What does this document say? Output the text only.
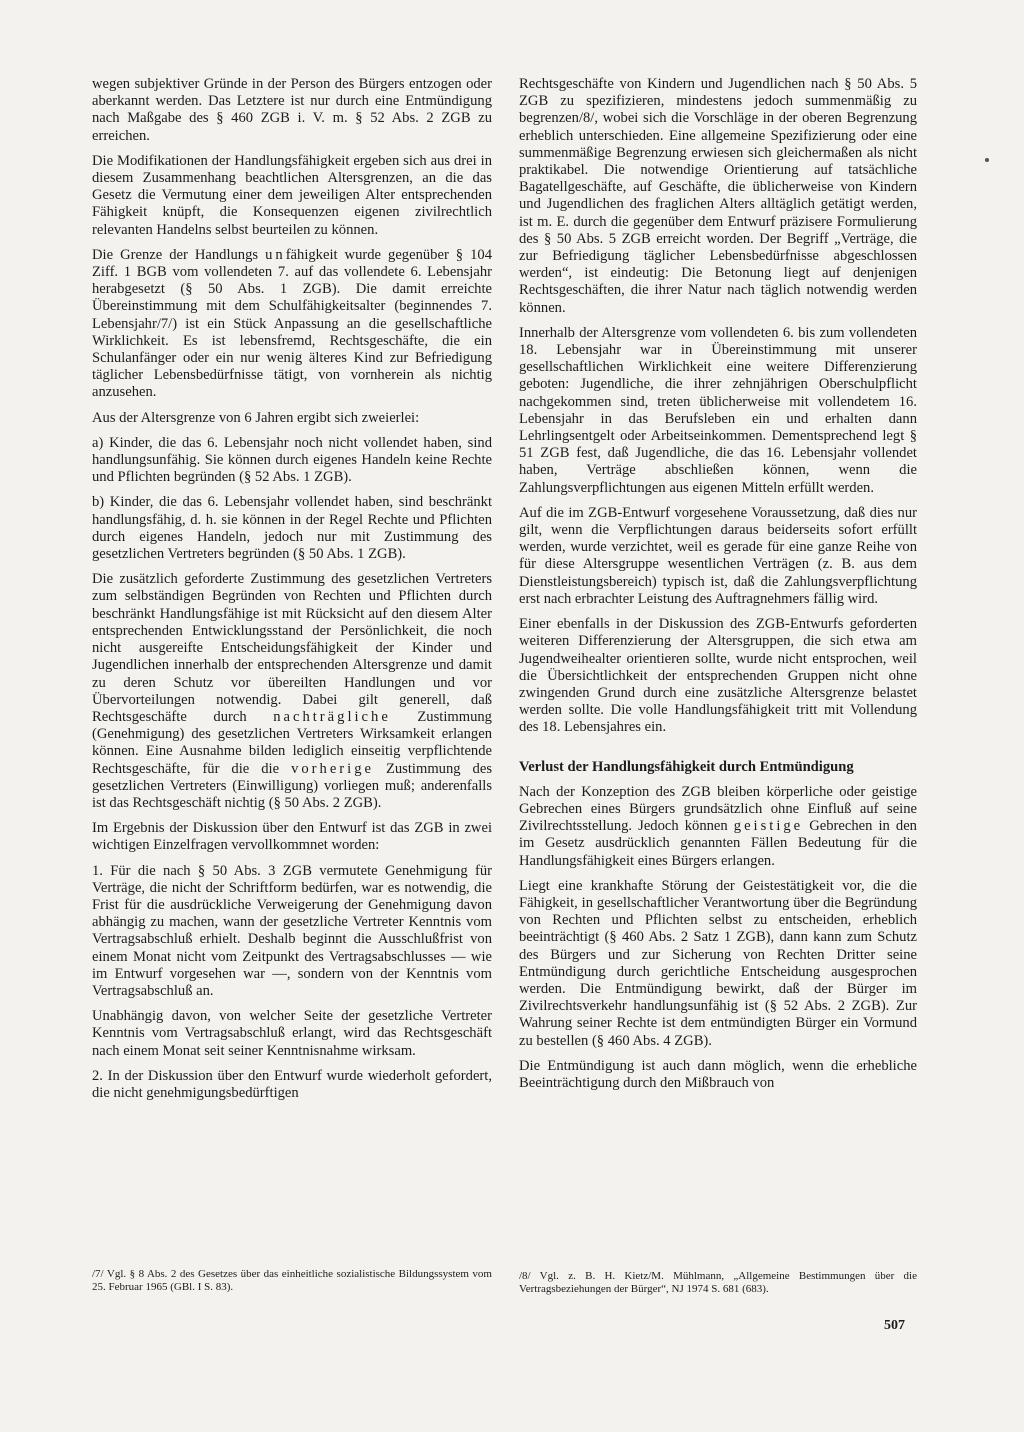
wegen subjektiver Gründe in der Person des Bürgers entzogen oder aberkannt werden. Das Letztere ist nur durch eine Entmündigung nach Maßgabe des § 460 ZGB i. V. m. § 52 Abs. 2 ZGB zu erreichen.

Die Modifikationen der Handlungsfähigkeit ergeben sich aus drei in diesem Zusammenhang beachtlichen Altersgrenzen, an die das Gesetz die Vermutung einer dem jeweiligen Alter entsprechenden Fähigkeit knüpft, die Konsequenzen eigenen zivilrechtlich relevanten Handelns selbst beurteilen zu können.

Die Grenze der Handlungs unfähigkeit wurde gegenüber § 104 Ziff. 1 BGB vom vollendeten 7. auf das vollendete 6. Lebensjahr herabgesetzt (§ 50 Abs. 1 ZGB). Die damit erreichte Übereinstimmung mit dem Schulfähigkeitsalter (beginnendes 7. Lebensjahr/7/) ist ein Stück Anpassung an die gesellschaftliche Wirklichkeit. Es ist lebensfremd, Rechtsgeschäfte, die ein Schulanfänger oder ein nur wenig älteres Kind zur Befriedigung täglicher Lebensbedürfnisse tätigt, von vornherein als nichtig anzusehen.

Aus der Altersgrenze von 6 Jahren ergibt sich zweierlei:

a) Kinder, die das 6. Lebensjahr noch nicht vollendet haben, sind handlungsunfähig. Sie können durch eigenes Handeln keine Rechte und Pflichten begründen (§ 52 Abs. 1 ZGB).

b) Kinder, die das 6. Lebensjahr vollendet haben, sind beschränkt handlungsfähig, d. h. sie können in der Regel Rechte und Pflichten durch eigenes Handeln, jedoch nur mit Zustimmung des gesetzlichen Vertreters begründen (§ 50 Abs. 1 ZGB).

Die zusätzlich geforderte Zustimmung des gesetzlichen Vertreters zum selbständigen Begründen von Rechten und Pflichten durch beschränkt Handlungsfähige ist mit Rücksicht auf den diesem Alter entsprechenden Entwicklungsstand der Persönlichkeit, die noch nicht ausgereifte Entscheidungsfähigkeit der Kinder und Jugendlichen innerhalb der entsprechenden Altersgrenze und damit zu deren Schutz vor übereilten Handlungen und vor Übervorteilungen notwendig. Dabei gilt generell, daß Rechtsgeschäfte durch nachträgliche Zustimmung (Genehmigung) des gesetzlichen Vertreters Wirksamkeit erlangen können. Eine Ausnahme bilden lediglich einseitig verpflichtende Rechtsgeschäfte, für die die vorherige Zustimmung des gesetzlichen Vertreters (Einwilligung) vorliegen muß; anderenfalls ist das Rechtsgeschäft nichtig (§ 50 Abs. 2 ZGB).

Im Ergebnis der Diskussion über den Entwurf ist das ZGB in zwei wichtigen Einzelfragen vervollkommnet worden:

1. Für die nach § 50 Abs. 3 ZGB vermutete Genehmigung für Verträge, die nicht der Schriftform bedürfen, war es notwendig, die Frist für die ausdrückliche Verweigerung der Genehmigung davon abhängig zu machen, wann der gesetzliche Vertreter Kenntnis vom Vertragsabschluß erhielt. Deshalb beginnt die Ausschlußfrist von einem Monat nicht vom Zeitpunkt des Vertragsabschlusses — wie im Entwurf vorgesehen war —, sondern von der Kenntnis vom Vertragsabschluß an.

Unabhängig davon, von welcher Seite der gesetzliche Vertreter Kenntnis vom Vertragsabschluß erlangt, wird das Rechtsgeschäft nach einem Monat seit seiner Kenntnisnahme wirksam.

2. In der Diskussion über den Entwurf wurde wiederholt gefordert, die nicht genehmigungsbedürftigen

Rechtsgeschäfte von Kindern und Jugendlichen nach § 50 Abs. 5 ZGB zu spezifizieren, mindestens jedoch summenmäßig zu begrenzen/8/, wobei sich die Vorschläge in der oberen Begrenzung erheblich unterschieden. Eine allgemeine Spezifizierung oder eine summenmäßige Begrenzung erwiesen sich gleichermaßen als nicht praktikabel. Die notwendige Orientierung auf tatsächliche Bagatellgeschäfte, auf Geschäfte, die üblicherweise von Kindern und Jugendlichen des fraglichen Alters alltäglich getätigt werden, ist m. E. durch die gegenüber dem Entwurf präzisere Formulierung des § 50 Abs. 5 ZGB erreicht worden. Der Begriff „Verträge, die zur Befriedigung täglicher Lebensbedürfnisse abgeschlossen werden“, ist eindeutig: Die Betonung liegt auf denjenigen Rechtsgeschäften, die ihrer Natur nach täglich notwendig werden können.

Innerhalb der Altersgrenze vom vollendeten 6. bis zum vollendeten 18. Lebensjahr war in Übereinstimmung mit unserer gesellschaftlichen Wirklichkeit eine weitere Differenzierung geboten: Jugendliche, die ihrer zehnjährigen Oberschulpflicht nachgekommen sind, treten üblicherweise mit vollendetem 16. Lebensjahr in das Berufsleben ein und erhalten dann Lehrlingsentgelt oder Arbeitseinkommen. Dementsprechend legt § 51 ZGB fest, daß Jugendliche, die das 16. Lebensjahr vollendet haben, Verträge abschließen können, wenn die Zahlungsverpflichtungen aus eigenen Mitteln erfüllt werden.

Auf die im ZGB-Entwurf vorgesehene Voraussetzung, daß dies nur gilt, wenn die Verpflichtungen daraus beiderseits sofort erfüllt werden, wurde verzichtet, weil es gerade für eine ganze Reihe von für diese Altersgruppe wesentlichen Verträgen (z. B. aus dem Dienstleistungsbereich) typisch ist, daß die Zahlungsverpflichtung erst nach erbrachter Leistung des Auftragnehmers fällig wird.

Einer ebenfalls in der Diskussion des ZGB-Entwurfs geforderten weiteren Differenzierung der Altersgruppen, die sich etwa am Jugendweihealter orientieren sollte, wurde nicht entsprochen, weil die Übersichtlichkeit der entsprechenden Gruppen nicht ohne zwingenden Grund durch eine zusätzliche Altersgrenze belastet werden sollte. Die volle Handlungsfähigkeit tritt mit Vollendung des 18. Lebensjahres ein.

Verlust der Handlungsfähigkeit durch Entmündigung

Nach der Konzeption des ZGB bleiben körperliche oder geistige Gebrechen eines Bürgers grundsätzlich ohne Einfluß auf seine Zivilrechtsstellung. Jedoch können geistige Gebrechen in den im Gesetz ausdrücklich genannten Fällen Bedeutung für die Handlungsfähigkeit eines Bürgers erlangen.

Liegt eine krankhafte Störung der Geistestätigkeit vor, die die Fähigkeit, in gesellschaftlicher Verantwortung über die Begründung von Rechten und Pflichten selbst zu entscheiden, erheblich beeinträchtigt (§ 460 Abs. 2 Satz 1 ZGB), dann kann zum Schutz des Bürgers und zur Sicherung von Rechten Dritter seine Entmündigung durch gerichtliche Entscheidung ausgesprochen werden. Die Entmündigung bewirkt, daß der Bürger im Zivilrechtsverkehr handlungsunfähig ist (§ 52 Abs. 2 ZGB). Zur Wahrung seiner Rechte ist dem entmündigten Bürger ein Vormund zu bestellen (§ 460 Abs. 4 ZGB).

Die Entmündigung ist auch dann möglich, wenn die erhebliche Beeinträchtigung durch den Mißbrauch von

/7/ Vgl. § 8 Abs. 2 des Gesetzes über das einheitliche sozialistische Bildungssystem vom 25. Februar 1965 (GBl. I S. 83).
/8/ Vgl. z. B. H. Kietz/M. Mühlmann, „Allgemeine Bestimmungen über die Vertragsbeziehungen der Bürger“, NJ 1974 S. 681 (683).
507
